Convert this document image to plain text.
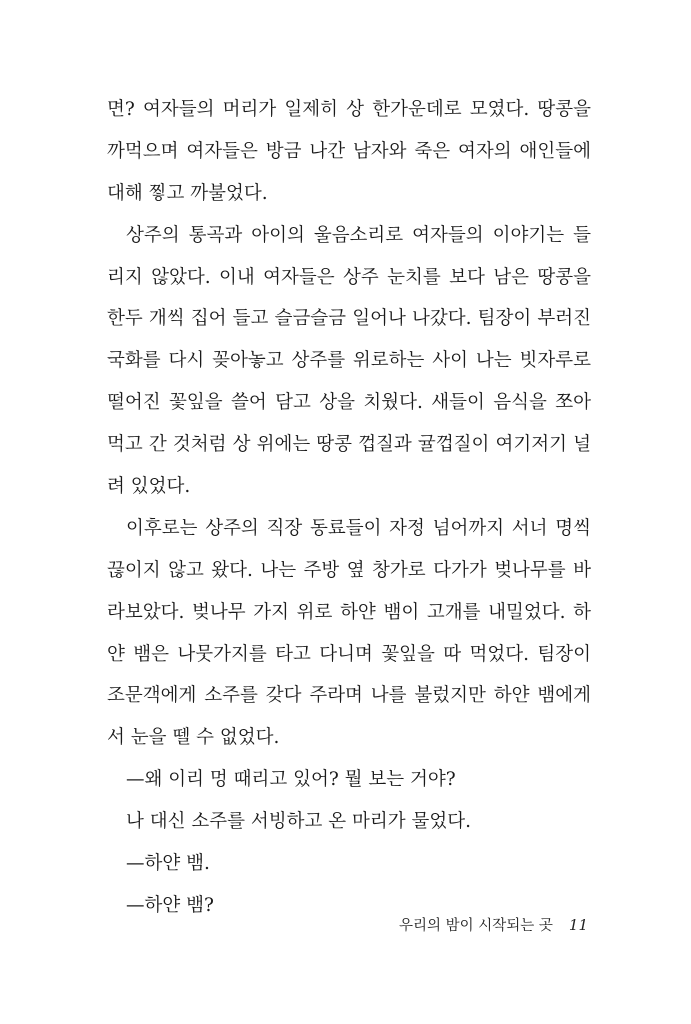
면? 여자들의 머리가 일제히 상 한가운데로 모였다. 땅콩을
까먹으며 여자들은 방금 나간 남자와 죽은 여자의 애인들에
대해 찧고 까불었다.
상주의 통곡과 아이의 울음소리로 여자들의 이야기는 들
리지 않았다. 이내 여자들은 상주 눈치를 보다 남은 땅콩을
한두 개씩 집어 들고 슬금슬금 일어나 나갔다. 팀장이 부러진
국화를 다시 꽂아놓고 상주를 위로하는 사이 나는 빗자루로
떨어진 꽃잎을 쓸어 담고 상을 치웠다. 새들이 음식을 쪼아
먹고 간 것처럼 상 위에는 땅콩 껍질과 귤껍질이 여기저기 널
려 있었다.
이후로는 상주의 직장 동료들이 자정 넘어까지 서너 명씩
끊이지 않고 왔다. 나는 주방 옆 창가로 다가가 벚나무를 바
라보았다. 벚나무 가지 위로 하얀 뱀이 고개를 내밀었다. 하
얀 뱀은 나뭇가지를 타고 다니며 꽃잎을 따 먹었다. 팀장이
조문객에게 소주를 갖다 주라며 나를 불렀지만 하얀 뱀에게
서 눈을 뗄 수 없었다.
—왜 이리 멍 때리고 있어? 뭘 보는 거야?
나 대신 소주를 서빙하고 온 마리가 물었다.
—하얀 뱀.
—하얀 뱀?
우리의 밤이 시작되는 곳 11
